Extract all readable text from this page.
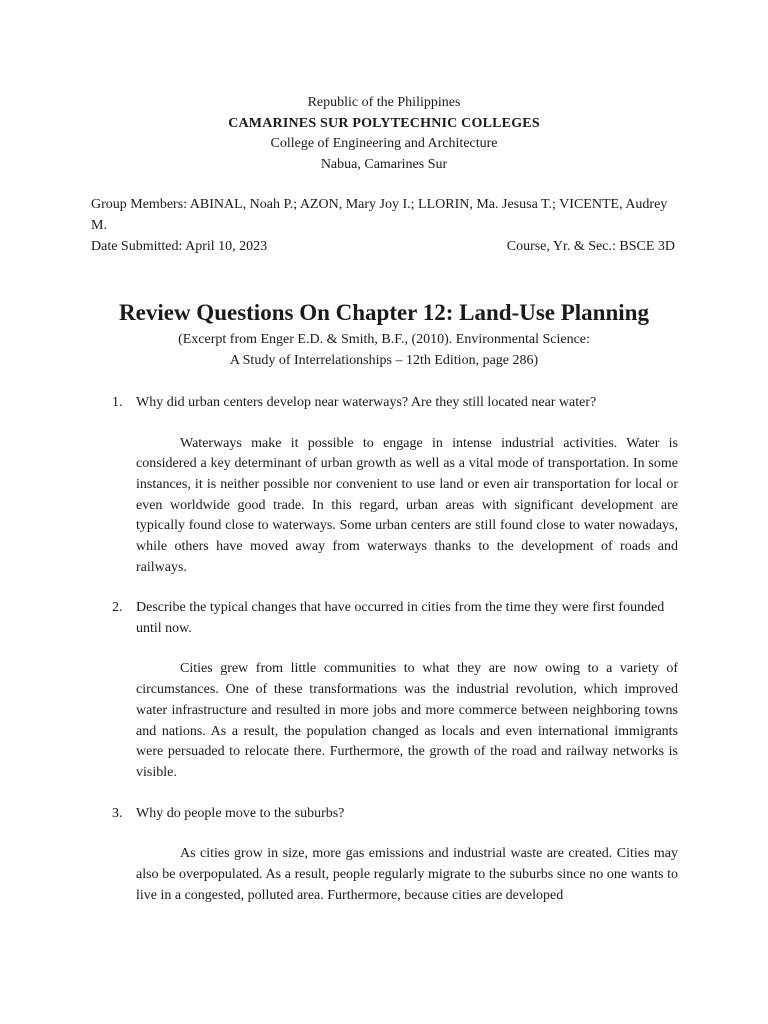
Republic of the Philippines
CAMARINES SUR POLYTECHNIC COLLEGES
College of Engineering and Architecture
Nabua, Camarines Sur
Group Members: ABINAL, Noah P.; AZON, Mary Joy I.; LLORIN, Ma. Jesusa T.; VICENTE, Audrey M.
Date Submitted: April 10, 2023	Course, Yr. & Sec.: BSCE 3D
Review Questions On Chapter 12: Land-Use Planning
(Excerpt from Enger E.D. & Smith, B.F., (2010). Environmental Science:
A Study of Interrelationships – 12th Edition, page 286)
1. Why did urban centers develop near waterways? Are they still located near water?

Waterways make it possible to engage in intense industrial activities. Water is considered a key determinant of urban growth as well as a vital mode of transportation. In some instances, it is neither possible nor convenient to use land or even air transportation for local or even worldwide good trade. In this regard, urban areas with significant development are typically found close to waterways. Some urban centers are still found close to water nowadays, while others have moved away from waterways thanks to the development of roads and railways.

2. Describe the typical changes that have occurred in cities from the time they were first founded until now.

Cities grew from little communities to what they are now owing to a variety of circumstances. One of these transformations was the industrial revolution, which improved water infrastructure and resulted in more jobs and more commerce between neighboring towns and nations. As a result, the population changed as locals and even international immigrants were persuaded to relocate there. Furthermore, the growth of the road and railway networks is visible.

3. Why do people move to the suburbs?

As cities grow in size, more gas emissions and industrial waste are created. Cities may also be overpopulated. As a result, people regularly migrate to the suburbs since no one wants to live in a congested, polluted area. Furthermore, because cities are developed
